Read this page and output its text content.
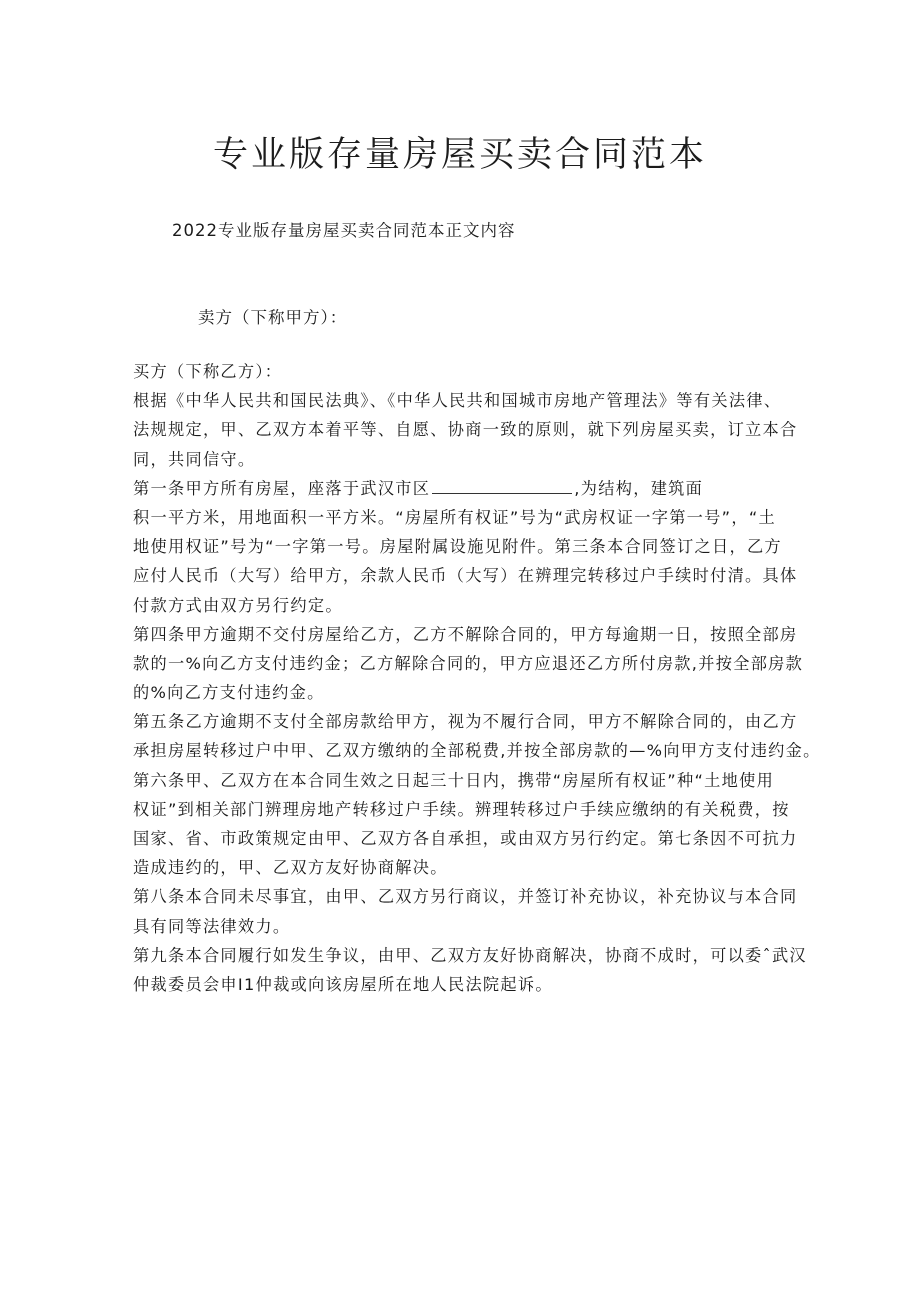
专业版存量房屋买卖合同范本
2022专业版存量房屋买卖合同范本正文内容
卖方（下称甲方）：

买方（下称乙方）：

根据《中华人民共和国民法典》、《中华人民共和国城市房地产管理法》等有关法律、

法规规定，甲、乙双方本着平等、自愿、协商一致的原则，就下列房屋买卖，订立本合

同，共同信守。

第一条甲方所有房屋，座落于武汉市区	,为结构，建筑面

积一平方米，用地面积一平方米。“房屋所有权证”号为“武房权证一字第一号”，“土

地使用权证”号为“一字第一号。房屋附属设施见附件。第三条本合同签订之日，乙方

应付人民币（大写）给甲方，余款人民币（大写）在辨理完转移过户手续时付清。具体

付款方式由双方另行约定。

第四条甲方逾期不交付房屋给乙方，乙方不解除合同的，甲方每逾期一日，按照全部房

款的一%向乙方支付违约金；乙方解除合同的，甲方应退还乙方所付房款,并按全部房款

的%向乙方支付违约金。

第五条乙方逾期不支付全部房款给甲方，视为不履行合同，甲方不解除合同的，由乙方

承担房屋转移过户中甲、乙双方缴纳的全部税费,并按全部房款的—%向甲方支付违约金。

第六条甲、乙双方在本合同生效之日起三十日内，携带“房屋所有权证”种“土地使用

权证”到相关部门辨理房地产转移过户手续。辨理转移过户手续应缴纳的有关税费，按

国家、省、市政策规定由甲、乙双方各自承担，或由双方另行约定。第七条因不可抗力

造成违约的，甲、乙双方友好协商解决。

第八条本合同未尽事宜，由甲、乙双方另行商议，并签订补充协议，补充协议与本合同

具有同等法律效力。

第九条本合同履行如发生争议，由甲、乙双方友好协商解决，协商不成时，可以委ˆ武汉

仲裁委员会申I1仲裁或向该房屋所在地人民法院起诉。
